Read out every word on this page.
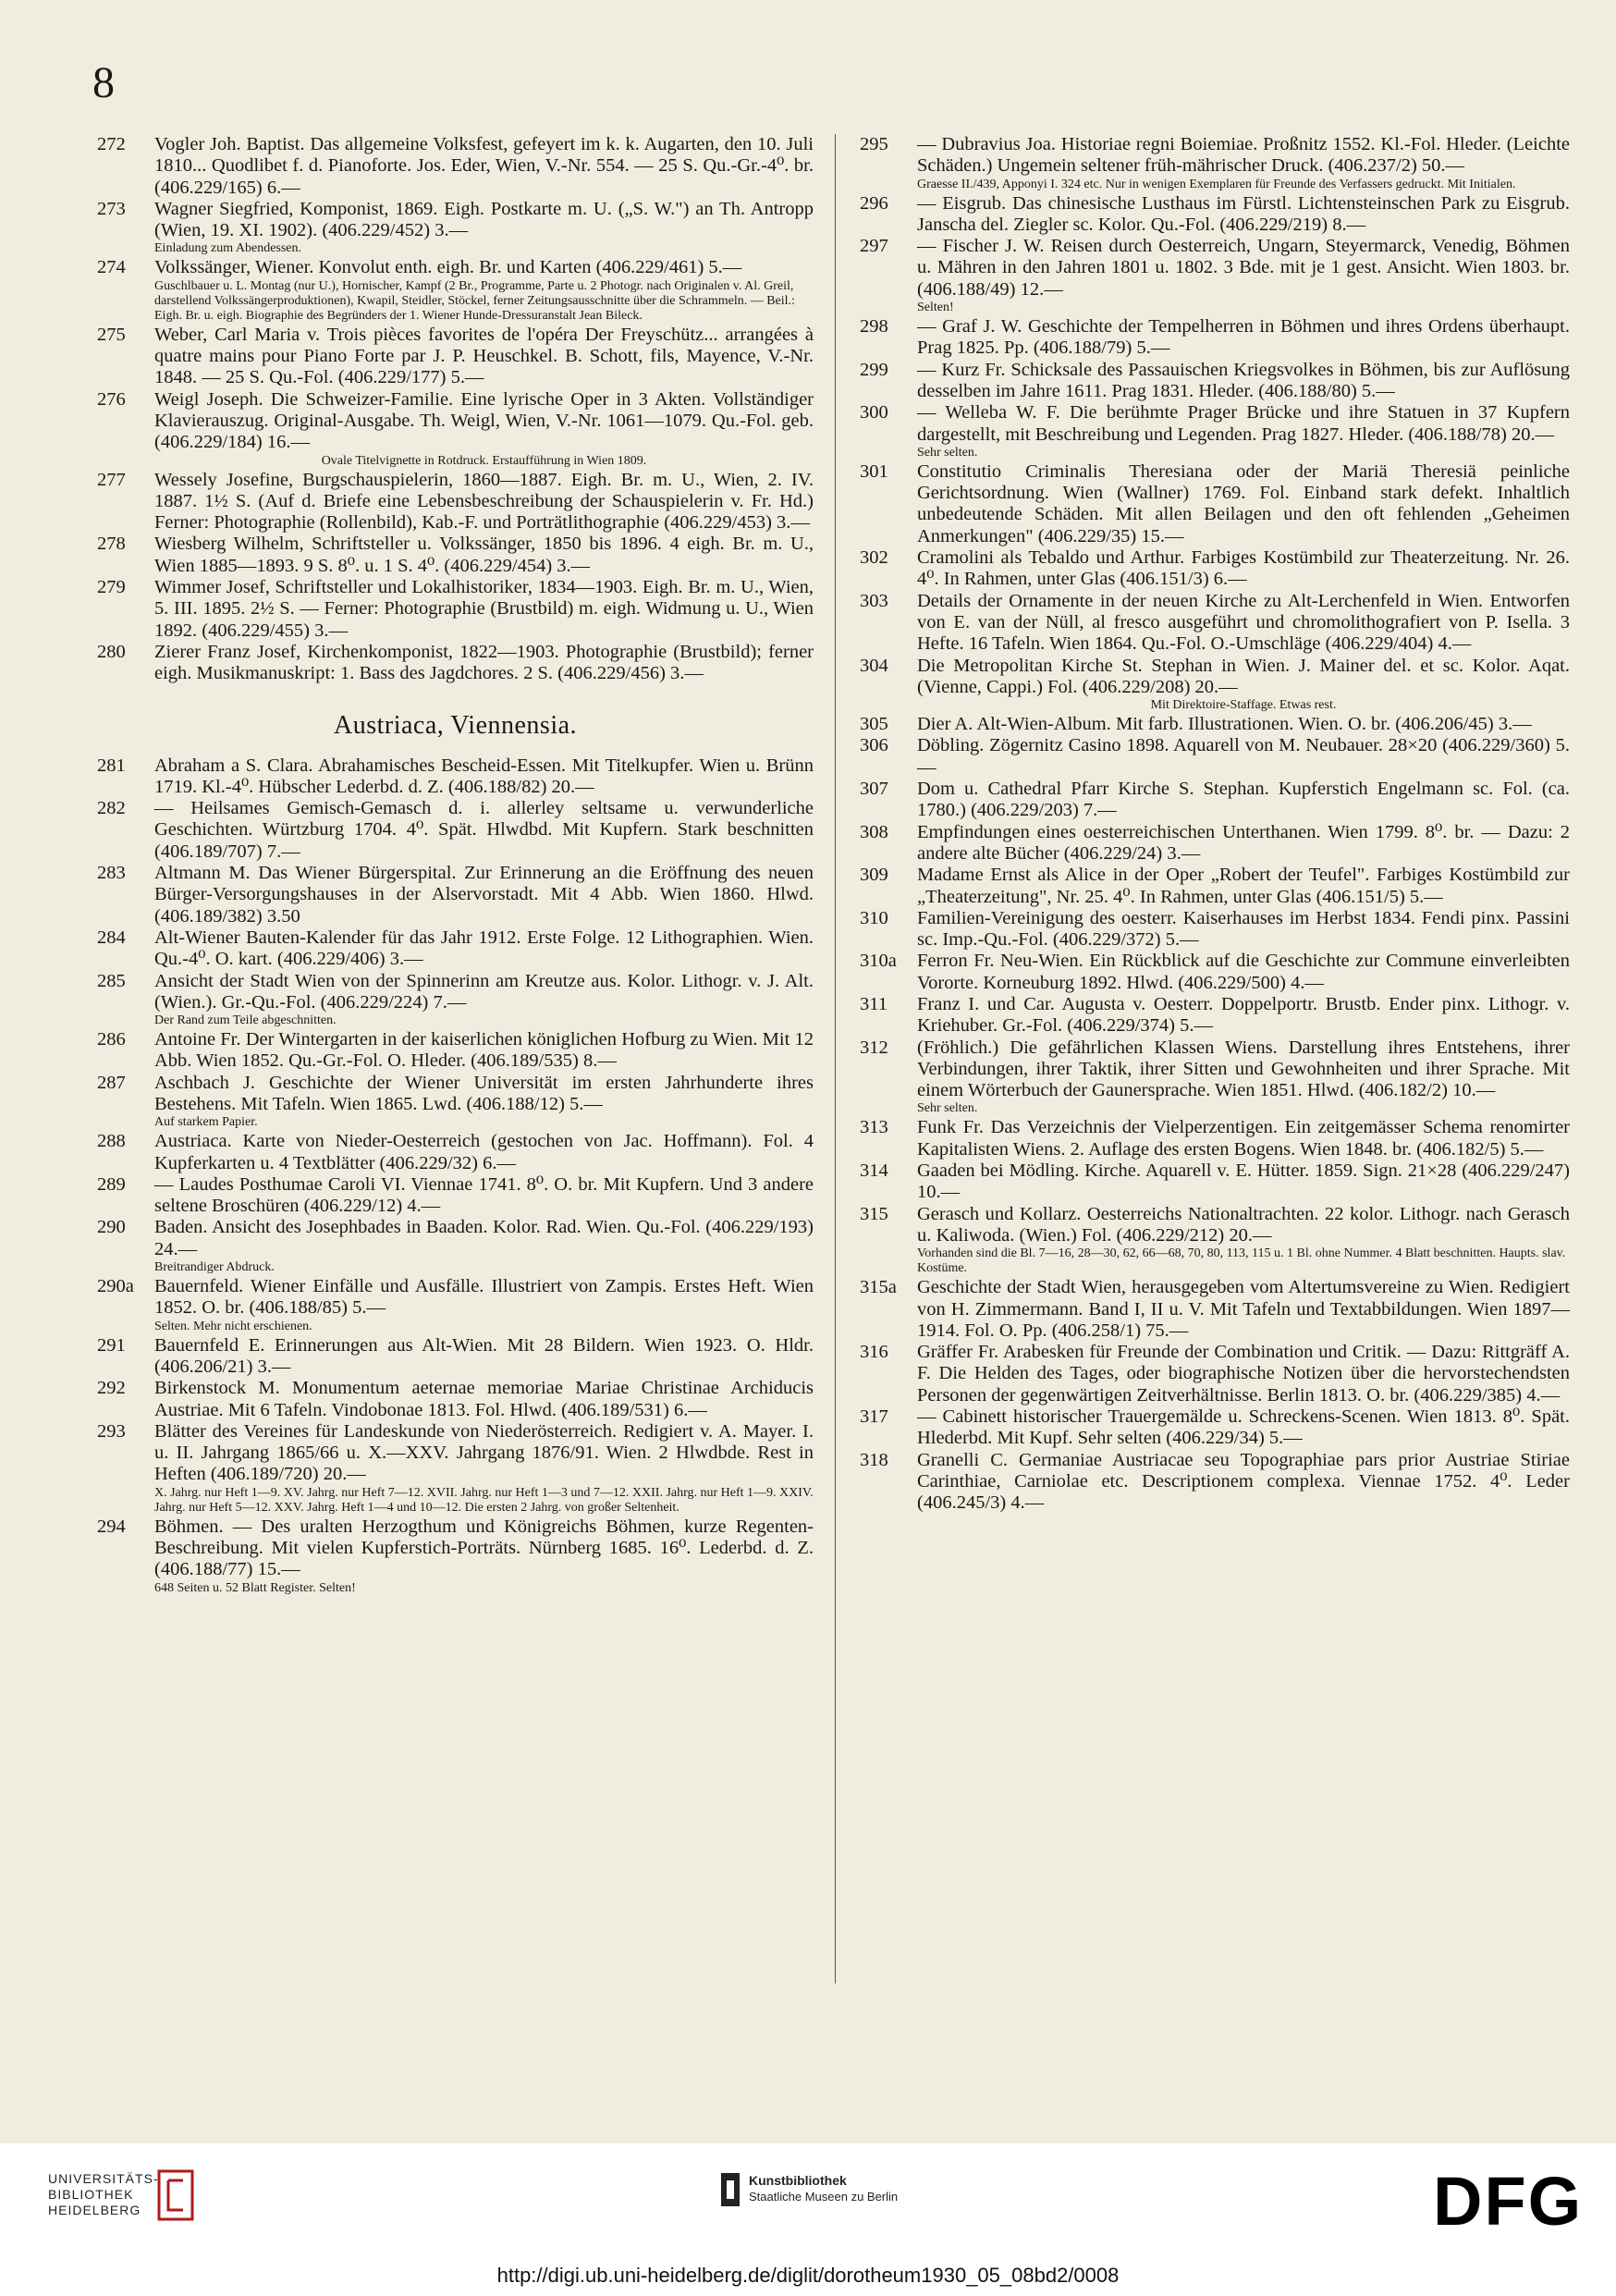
8
272	Vogler Joh. Baptist. Das allgemeine Volksfest, gefeyert im k. k. Augarten, den 10. Juli 1810... Quodlibet f. d. Pianoforte. Jos. Eder, Wien, V.-Nr. 554. — 25 S. Qu.-Gr.-4⁰. br. (406.229/165) 6.—
273	Wagner Siegfried, Komponist, 1869. Eigh. Postkarte m. U. („S. W.") an Th. Antropp (Wien, 19. XI. 1902). (406.229/452) 3.—
Einladung zum Abendessen.
274	Volkssänger, Wiener. Konvolut enth. eigh. Br. und Karten (406.229/461) 5.—
Guschlbauer u. L. Montag (nur U.), Hornischer, Kampf (2 Br., Programme, Parte u. 2 Photogr. nach Originalen v. Al. Greil, darstellend Volkssängerproduktionen), Kwapil, Steidler, Stöckel, ferner Zeitungsausschnitte über die Schrammeln. — Beil.: Eigh. Br. u. eigh. Biographie des Begründers der 1. Wiener Hunde-Dressuranstalt Jean Bileck.
275	Weber, Carl Maria v. Trois pièces favorites de l'opéra Der Freyschütz... arrangées à quatre mains pour Piano Forte par J. P. Heuschkel. B. Schott, fils, Mayence, V.-Nr. 1848. — 25 S. Qu.-Fol. (406.229/177) 5.—
276	Weigl Joseph. Die Schweizer-Familie. Eine lyrische Oper in 3 Akten. Vollständiger Klavierauszug. Original-Ausgabe. Th. Weigl, Wien, V.-Nr. 1061—1079. Qu.-Fol. geb. (406.229/184) 16.—
Ovale Titelvignette in Rotdruck. Erstaufführung in Wien 1809.
277	Wessely Josefine, Burgschauspielerin, 1860—1887. Eigh. Br. m. U., Wien, 2. IV. 1887. 1½ S. (Auf d. Briefe eine Lebensbeschreibung der Schauspielerin v. Fr. Hd.) Ferner: Photographie (Rollenbild), Kab.-F. und Porträtlithographie (406.229/453) 3.—
278	Wiesberg Wilhelm, Schriftsteller u. Volkssänger, 1850 bis 1896. 4 eigh. Br. m. U., Wien 1885—1893. 9 S. 8⁰. u. 1 S. 4⁰. (406.229/454) 3.—
279	Wimmer Josef, Schriftsteller und Lokalhistoriker, 1834—1903. Eigh. Br. m. U., Wien, 5. III. 1895. 2½ S. — Ferner: Photographie (Brustbild) m. eigh. Widmung u. U., Wien 1892. (406.229/455) 3.—
280	Zierer Franz Josef, Kirchenkomponist, 1822—1903. Photographie (Brustbild); ferner eigh. Musikmanuskript: 1. Bass des Jagdchores. 2 S. (406.229/456) 3.—
Austriaca, Viennensia.
281	Abraham a S. Clara. Abrahamisches Bescheid-Essen. Mit Titelkupfer. Wien u. Brünn 1719. Kl.-4⁰. Hübscher Lederbd. d. Z. (406.188/82) 20.—
282	— Heilsames Gemisch-Gemasch d. i. allerley seltsame u. verwunderliche Geschichten. Würtzburg 1704. 4⁰. Spät. Hlwdbd. Mit Kupfern. Stark beschnitten (406.189/707) 7.—
283	Altmann M. Das Wiener Bürgerspital. Zur Erinnerung an die Eröffnung des neuen Bürger-Versorgungshauses in der Alservorstadt. Mit 4 Abb. Wien 1860. Hlwd. (406.189/382) 3.50
284	Alt-Wiener Bauten-Kalender für das Jahr 1912. Erste Folge. 12 Lithographien. Wien. Qu.-4⁰. O. kart. (406.229/406) 3.—
285	Ansicht der Stadt Wien von der Spinnerinn am Kreutze aus. Kolor. Lithogr. v. J. Alt. (Wien.). Gr.-Qu.-Fol. (406.229/224) 7.—
Der Rand zum Teile abgeschnitten.
286	Antoine Fr. Der Wintergarten in der kaiserlichen königlichen Hofburg zu Wien. Mit 12 Abb. Wien 1852. Qu.-Gr.-Fol. O. Hleder. (406.189/535) 8.—
287	Aschbach J. Geschichte der Wiener Universität im ersten Jahrhunderte ihres Bestehens. Mit Tafeln. Wien 1865. Lwd. (406.188/12) 5.—
Auf starkem Papier.
288	Austriaca. Karte von Nieder-Oesterreich (gestochen von Jac. Hoffmann). Fol. 4 Kupferkarten u. 4 Textblätter (406.229/32) 6.—
289	— Laudes Posthumae Caroli VI. Viennae 1741. 8⁰. O. br. Mit Kupfern. Und 3 andere seltene Broschüren (406.229/12) 4.—
290	Baden. Ansicht des Josephbades in Baaden. Kolor. Rad. Wien. Qu.-Fol. (406.229/193) 24.—
Breitrandiger Abdruck.
290a	Bauernfeld. Wiener Einfälle und Ausfälle. Illustriert von Zampis. Erstes Heft. Wien 1852. O. br. (406.188/85) 5.—
Selten. Mehr nicht erschienen.
291	Bauernfeld E. Erinnerungen aus Alt-Wien. Mit 28 Bildern. Wien 1923. O. Hldr. (406.206/21) 3.—
292	Birkenstock M. Monumentum aeternae memoriae Mariae Christinae Archiducis Austriae. Mit 6 Tafeln. Vindobonae 1813. Fol. Hlwd. (406.189/531) 6.—
293	Blätter des Vereines für Landeskunde von Niederösterreich. Redigiert v. A. Mayer. I. u. II. Jahrgang 1865/66 u. X.—XXV. Jahrgang 1876/91. Wien. 2 Hlwdbde. Rest in Heften (406.189/720) 20.—
X. Jahrg. nur Heft 1—9. XV. Jahrg. nur Heft 7—12. XVII. Jahrg. nur Heft 1—3 und 7—12. XXII. Jahrg. nur Heft 1—9. XXIV. Jahrg. nur Heft 5—12. XXV. Jahrg. Heft 1—4 und 10—12. Die ersten 2 Jahrg. von großer Seltenheit.
294	Böhmen. — Des uralten Herzogthum und Königreichs Böhmen, kurze Regenten-Beschreibung. Mit vielen Kupferstich-Porträts. Nürnberg 1685. 16⁰. Lederbd. d. Z. (406.188/77) 15.—
648 Seiten u. 52 Blatt Register. Selten!
295	— Dubravius Joa. Historiae regni Boiemiae. Proßnitz 1552. Kl.-Fol. Hleder. (Leichte Schäden.) Ungemein seltener früh-mährischer Druck. (406.237/2) 50.—
Graesse II./439, Apponyi I. 324 etc. Nur in wenigen Exemplaren für Freunde des Verfassers gedruckt. Mit Initialen.
296	— Eisgrub. Das chinesische Lusthaus im Fürstl. Lichtensteinschen Park zu Eisgrub. Janscha del. Ziegler sc. Kolor. Qu.-Fol. (406.229/219) 8.—
297	— Fischer J. W. Reisen durch Oesterreich, Ungarn, Steyermarck, Venedig, Böhmen u. Mähren in den Jahren 1801 u. 1802. 3 Bde. mit je 1 gest. Ansicht. Wien 1803. br. (406.188/49) 12.—
Selten!
298	— Graf J. W. Geschichte der Tempelherren in Böhmen und ihres Ordens überhaupt. Prag 1825. Pp. (406.188/79) 5.—
299	— Kurz Fr. Schicksale des Passauischen Kriegsvolkes in Böhmen, bis zur Auflösung desselben im Jahre 1611. Prag 1831. Hleder. (406.188/80) 5.—
300	— Welleba W. F. Die berühmte Prager Brücke und ihre Statuen in 37 Kupfern dargestellt, mit Beschreibung und Legenden. Prag 1827. Hleder. (406.188/78) 20.—
Sehr selten.
301	Constitutio Criminalis Theresiana oder der Mariä Theresiä peinliche Gerichtsordnung. Wien (Wallner) 1769. Fol. Einband stark defekt. Inhaltlich unbedeutende Schäden. Mit allen Beilagen und den oft fehlenden „Geheimen Anmerkungen" (406.229/35) 15.—
302	Cramolini als Tebaldo und Arthur. Farbiges Kostümbild zur Theaterzeitung. Nr. 26. 4⁰. In Rahmen, unter Glas (406.151/3) 6.—
303	Details der Ornamente in der neuen Kirche zu Alt-Lerchenfeld in Wien. Entworfen von E. van der Nüll, al fresco ausgeführt und chromolithografiert von P. Isella. 3 Hefte. 16 Tafeln. Wien 1864. Qu.-Fol. O.-Umschläge (406.229/404) 4.—
304	Die Metropolitan Kirche St. Stephan in Wien. J. Mainer del. et sc. Kolor. Aqat. (Vienne, Cappi.) Fol. (406.229/208) 20.—
Mit Direktoire-Staffage. Etwas rest.
305	Dier A. Alt-Wien-Album. Mit farb. Illustrationen. Wien. O. br. (406.206/45) 3.—
306	Döbling. Zögernitz Casino 1898. Aquarell von M. Neubauer. 28×20 (406.229/360) 5.—
307	Dom u. Cathedral Pfarr Kirche S. Stephan. Kupferstich Engelmann sc. Fol. (ca. 1780.) (406.229/203) 7.—
308	Empfindungen eines oesterreichischen Unterthanen. Wien 1799. 8⁰. br. — Dazu: 2 andere alte Bücher (406.229/24) 3.—
309	Madame Ernst als Alice in der Oper „Robert der Teufel". Farbiges Kostümbild zur „Theaterzeitung", Nr. 25. 4⁰. In Rahmen, unter Glas (406.151/5) 5.—
310	Familien-Vereinigung des oesterr. Kaiserhauses im Herbst 1834. Fendi pinx. Passini sc. Imp.-Qu.-Fol. (406.229/372) 5.—
310a	Ferron Fr. Neu-Wien. Ein Rückblick auf die Geschichte zur Commune einverleibten Vororte. Korneuburg 1892. Hlwd. (406.229/500) 4.—
311	Franz I. und Car. Augusta v. Oesterr. Doppelportr. Brustb. Ender pinx. Lithogr. v. Kriehuber. Gr.-Fol. (406.229/374) 5.—
312	(Fröhlich.) Die gefährlichen Klassen Wiens. Darstellung ihres Entstehens, ihrer Verbindungen, ihrer Taktik, ihrer Sitten und Gewohnheiten und ihrer Sprache. Mit einem Wörterbuch der Gaunersprache. Wien 1851. Hlwd. (406.182/2) 10.—
Sehr selten.
313	Funk Fr. Das Verzeichnis der Vielperzentigen. Ein zeitgemässer Schema renomirter Kapitalisten Wiens. 2. Auflage des ersten Bogens. Wien 1848. br. (406.182/5) 5.—
314	Gaaden bei Mödling. Kirche. Aquarell v. E. Hütter. 1859. Sign. 21×28 (406.229/247) 10.—
315	Gerasch und Kollarz. Oesterreichs Nationaltrachten. 22 kolor. Lithogr. nach Gerasch u. Kaliwoda. (Wien.) Fol. (406.229/212) 20.—
Vorhanden sind die Bl. 7—16, 28—30, 62, 66—68, 70, 80, 113, 115 u. 1 Bl. ohne Nummer. 4 Blatt beschnitten. Haupts. slav. Kostüme.
315a	Geschichte der Stadt Wien, herausgegeben vom Altertumsvereine zu Wien. Redigiert von H. Zimmermann. Band I, II u. V. Mit Tafeln und Textabbildungen. Wien 1897—1914. Fol. O. Pp. (406.258/1) 75.—
316	Gräffer Fr. Arabesken für Freunde der Combination und Critik. — Dazu: Rittgräff A. F. Die Helden des Tages, oder biographische Notizen über die hervorstechendsten Personen der gegenwärtigen Zeitverhältnisse. Berlin 1813. O. br. (406.229/385) 4.—
317	— Cabinett historischer Trauergemälde u. Schreckens-Scenen. Wien 1813. 8⁰. Spät. Hlederbd. Mit Kupf. Sehr selten (406.229/34) 5.—
318	Granelli C. Germaniae Austriacae seu Topographiae pars prior Austriae Stiriae Carinthiae, Carniolae etc. Descriptionem complexa. Viennae 1752. 4⁰. Leder (406.245/3) 4.—
UNIVERSITÄTS-
BIBLIOTHEK
HEIDELBERG
Kunstbibliothek
Staatliche Museen zu Berlin	DFG
http://digi.ub.uni-heidelberg.de/diglit/dorotheum1930_05_08bd2/0008
